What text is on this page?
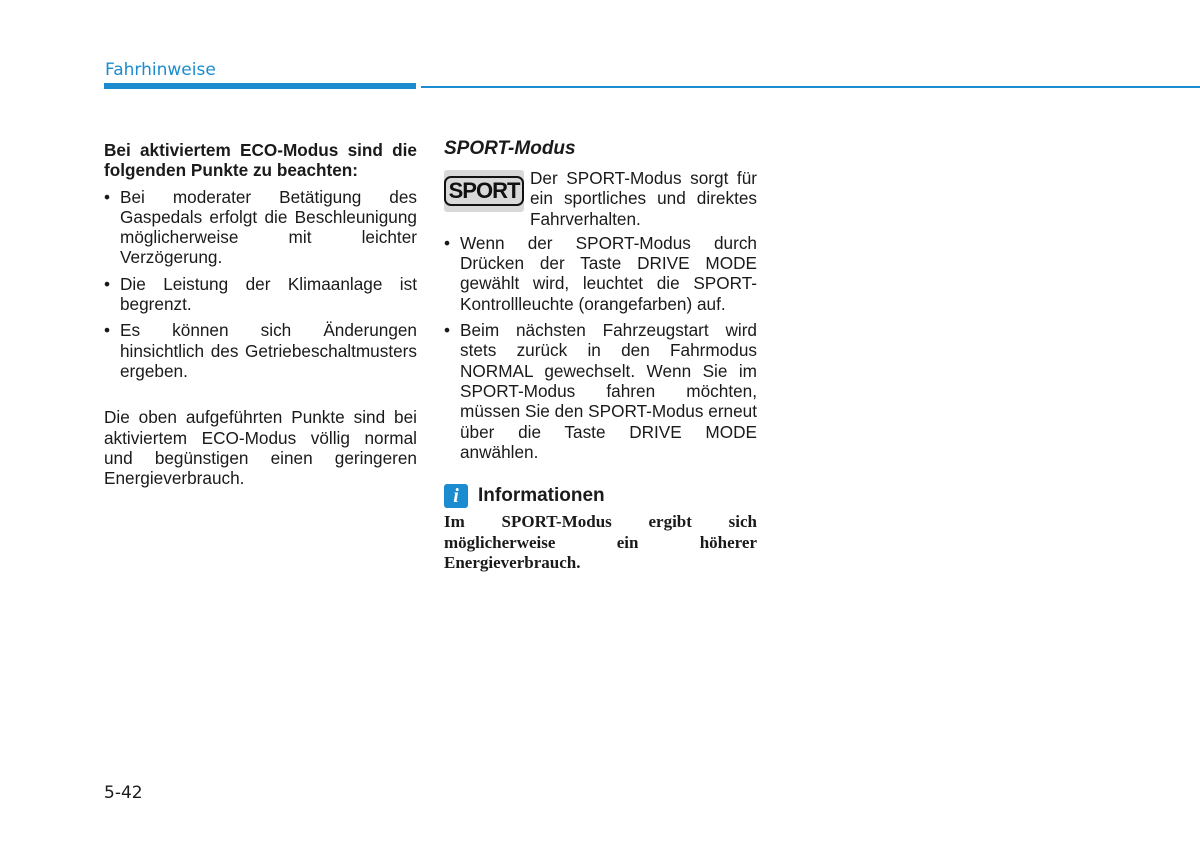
Fahrhinweise
Bei aktiviertem ECO-Modus sind die folgenden Punkte zu beachten:
• Bei moderater Betätigung des Gaspedals erfolgt die Beschleunigung möglicherweise mit leichter Verzögerung.
• Die Leistung der Klimaanlage ist begrenzt.
• Es können sich Änderungen hinsichtlich des Getriebeschaltmusters ergeben.
Die oben aufgeführten Punkte sind bei aktiviertem ECO-Modus völlig normal und begünstigen einen geringeren Energieverbrauch.
SPORT-Modus
SPORT Der SPORT-Modus sorgt für ein sportliches und direktes Fahrverhalten.
• Wenn der SPORT-Modus durch Drücken der Taste DRIVE MODE gewählt wird, leuchtet die SPORT-Kontrollleuchte (orangefarben) auf.
• Beim nächsten Fahrzeugstart wird stets zurück in den Fahrmodus NORMAL gewechselt. Wenn Sie im SPORT-Modus fahren möchten, müssen Sie den SPORT-Modus erneut über die Taste DRIVE MODE anwählen.
i	Informationen
Im SPORT-Modus ergibt sich möglicherweise ein höherer Energieverbrauch.
5-42
